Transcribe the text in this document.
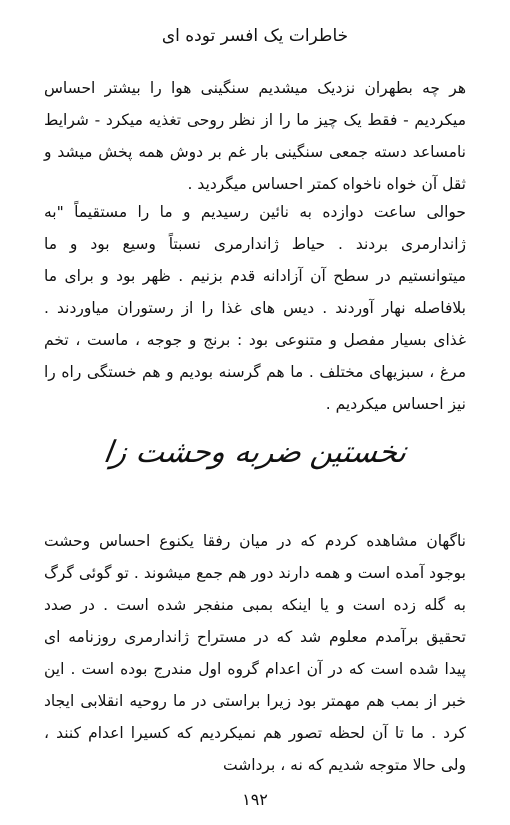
خاطرات یک افسر توده ای

هر چه بطهران نزدیک میشدیم سنگینی هوا را بیشتر احساس میکردیم - فقط یک چیز ما را از نظر روحی تغذیه میکرد - شرایط نامساعد دسته جمعی سنگینی بار غم بر دوش همه پخش میشد و ثقل آن خواه ناخواه کمتر احساس میگردید .

حوالی ساعت دوازده به نائین رسیدیم و ما را مستقیماً "به ژاندارمری بردند . حیاط ژاندارمری نسبتاً وسیع بود و ما میتوانستیم در سطح آن آزادانه قدم بزنیم . ظهر بود و برای ما بلافاصله نهار آوردند . دیس های غذا را از رستوران میاوردند . غذای بسیار مفصل و متنوعی بود : برنج و جوجه ، ماست ، تخم مرغ ، سبزیهای مختلف . ما هم گرسنه بودیم و هم خستگی راه را نیز احساس میکردیم .

نخستین ضربه وحشت زا

ناگهان مشاهده کردم که در میان رفقا یکنوع احساس وحشت بوجود آمده است و همه دارند دور هم جمع میشوند . تو گوئی گرگ به گله زده است و یا اینکه بمبی منفجر شده است . در صدد تحقیق برآمدم معلوم شد که در مستراح ژاندارمری روزنامه ای پیدا شده است که در آن اعدام گروه اول مندرج بوده است . این خبر از بمب هم مهمتر بود زیرا براستی در ما روحیه انقلابی ایجاد کرد . ما تا آن لحظه تصور هم نمیکردیم که کسیرا اعدام کنند ، ولی حالا متوجه شدیم که نه ، برداشت

۱۹۲
